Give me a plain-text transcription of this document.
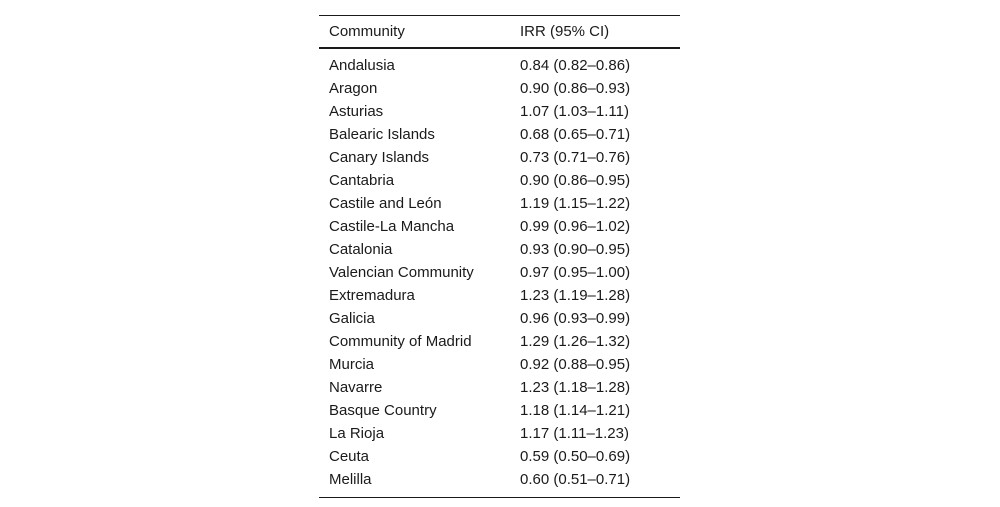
Community	IRR (95% CI)
Andalusia	0.84 (0.82–0.86)
Aragon	0.90 (0.86–0.93)
Asturias	1.07 (1.03–1.11)
Balearic Islands	0.68 (0.65–0.71)
Canary Islands	0.73 (0.71–0.76)
Cantabria	0.90 (0.86–0.95)
Castile and León	1.19 (1.15–1.22)
Castile-La Mancha	0.99 (0.96–1.02)
Catalonia	0.93 (0.90–0.95)
Valencian Community	0.97 (0.95–1.00)
Extremadura	1.23 (1.19–1.28)
Galicia	0.96 (0.93–0.99)
Community of Madrid	1.29 (1.26–1.32)
Murcia	0.92 (0.88–0.95)
Navarre	1.23 (1.18–1.28)
Basque Country	1.18 (1.14–1.21)
La Rioja	1.17 (1.11–1.23)
Ceuta	0.59 (0.50–0.69)
Melilla	0.60 (0.51–0.71)
